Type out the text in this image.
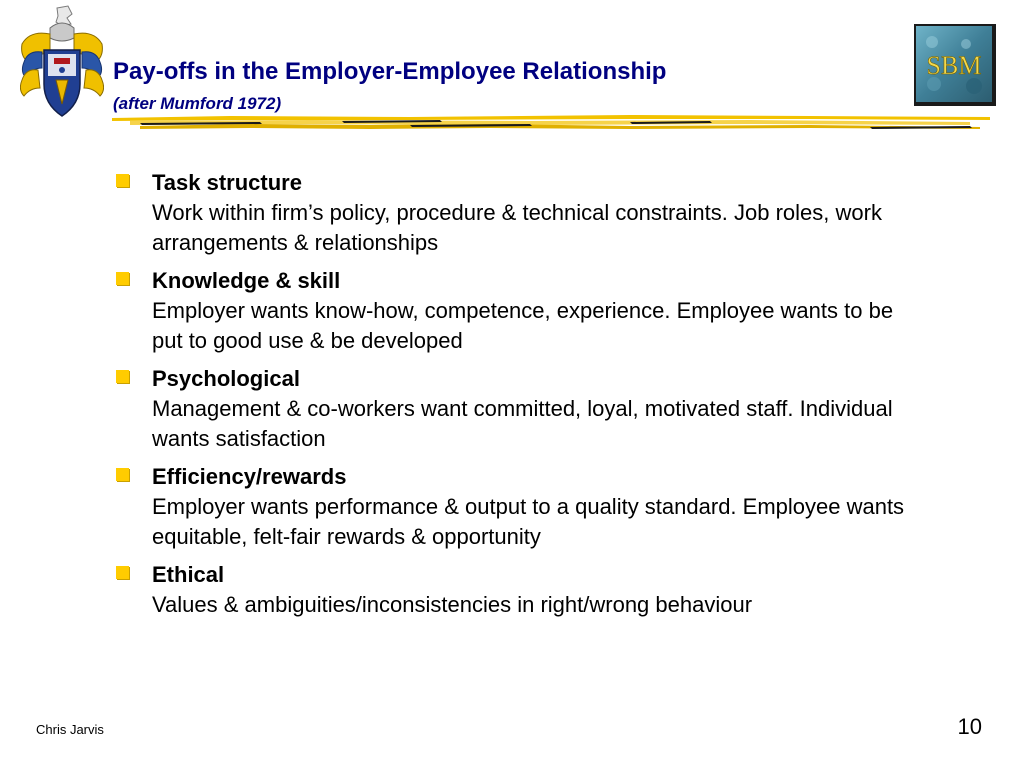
SBM
Pay-offs in the Employer-Employee Relationship
(after Mumford 1972)
Task structure
Work within firm’s policy, procedure & technical constraints. Job roles, work arrangements & relationships
Knowledge & skill
Employer wants know-how, competence, experience. Employee wants to be put to good use & be developed
Psychological
Management & co-workers want committed, loyal, motivated staff. Individual wants satisfaction
Efficiency/rewards
Employer wants performance & output to a quality standard. Employee wants equitable, felt-fair rewards & opportunity
Ethical
Values & ambiguities/inconsistencies in right/wrong behaviour
Chris Jarvis	10
